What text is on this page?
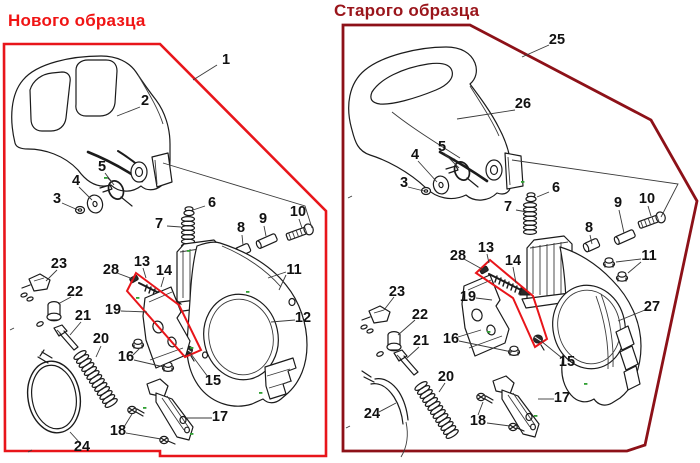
Нового образца
Старого образца
1
2
3
4
5
6
7	8
9 10
11
12
13
14
15
16
17
18
19
20
21
22
23
24
28
25
26
3
4 5
6
7
8
9 10
11
13
14
15
16
17
18
19
20
21
22
23
24
27
28
